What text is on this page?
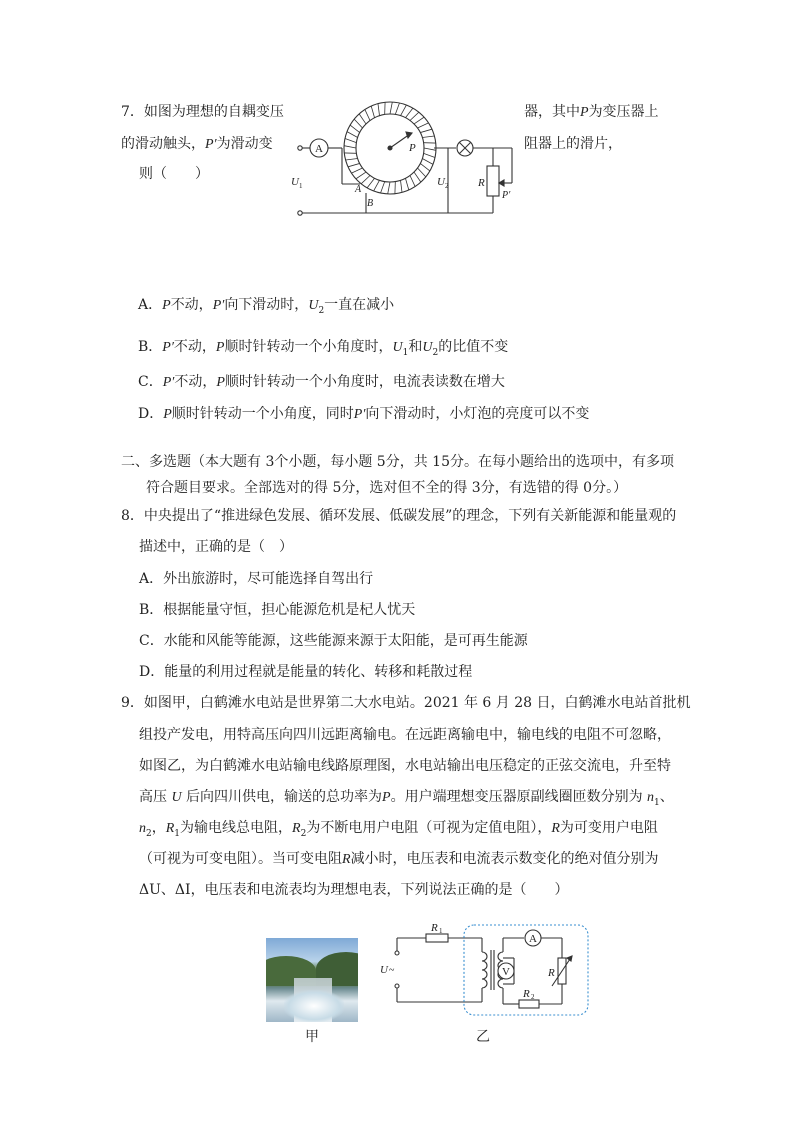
7．如图为理想的自耦变压	器，其中P为变压器上
的滑动触头，P′为滑动变	阻器上的滑片，
则（　　）
A	P
U 1	U 2	R
P′
A
B
A．P不动，P′向下滑动时，$U_2$一直在减小
B．P′不动，P顺时针转动一个小角度时，$U_1$和$U_2$的比值不变
C．P′不动，P顺时针转动一个小角度时，电流表读数在增大
D．P顺时针转动一个小角度，同时P′向下滑动时，小灯泡的亮度可以不变
二、多选题（本大题有 3个小题，每小题 5分，共 15分。在每小题给出的选项中，有多项
符合题目要求。全部选对的得 5分，选对但不全的得 3分，有选错的得 0分。）
8．中央提出了“推进绿色发展、循环发展、低碳发展”的理念，下列有关新能源和能量观的
描述中，正确的是（　）
A．外出旅游时，尽可能选择自驾出行
B．根据能量守恒，担心能源危机是杞人忧天
C．水能和风能等能源，这些能源来源于太阳能，是可再生能源
D．能量的利用过程就是能量的转化、转移和耗散过程
9．如图甲，白鹤滩水电站是世界第二大水电站。2021 年 6 月 28 日，白鹤滩水电站首批机
组投产发电，用特高压向四川远距离输电。在远距离输电中，输电线的电阻不可忽略，
如图乙，为白鹤滩水电站输电线路原理图，水电站输出电压稳定的正弦交流电，升至特
高压 U 后向四川供电，输送的总功率为P。用户端理想变压器原副线圈匝数分别为 $n_1$、
$n_2$，$R_1$为输电线总电阻，$R_2$为不断电用户电阻（可视为定值电阻），R为可变用户电阻
（可视为可变电阻）。当可变电阻R减小时，电压表和电流表示数变化的绝对值分别为
ΔU、ΔI，电压表和电流表均为理想电表，下列说法正确的是（　　）
甲
R 1
U ~
A
V	R
R 2
乙
